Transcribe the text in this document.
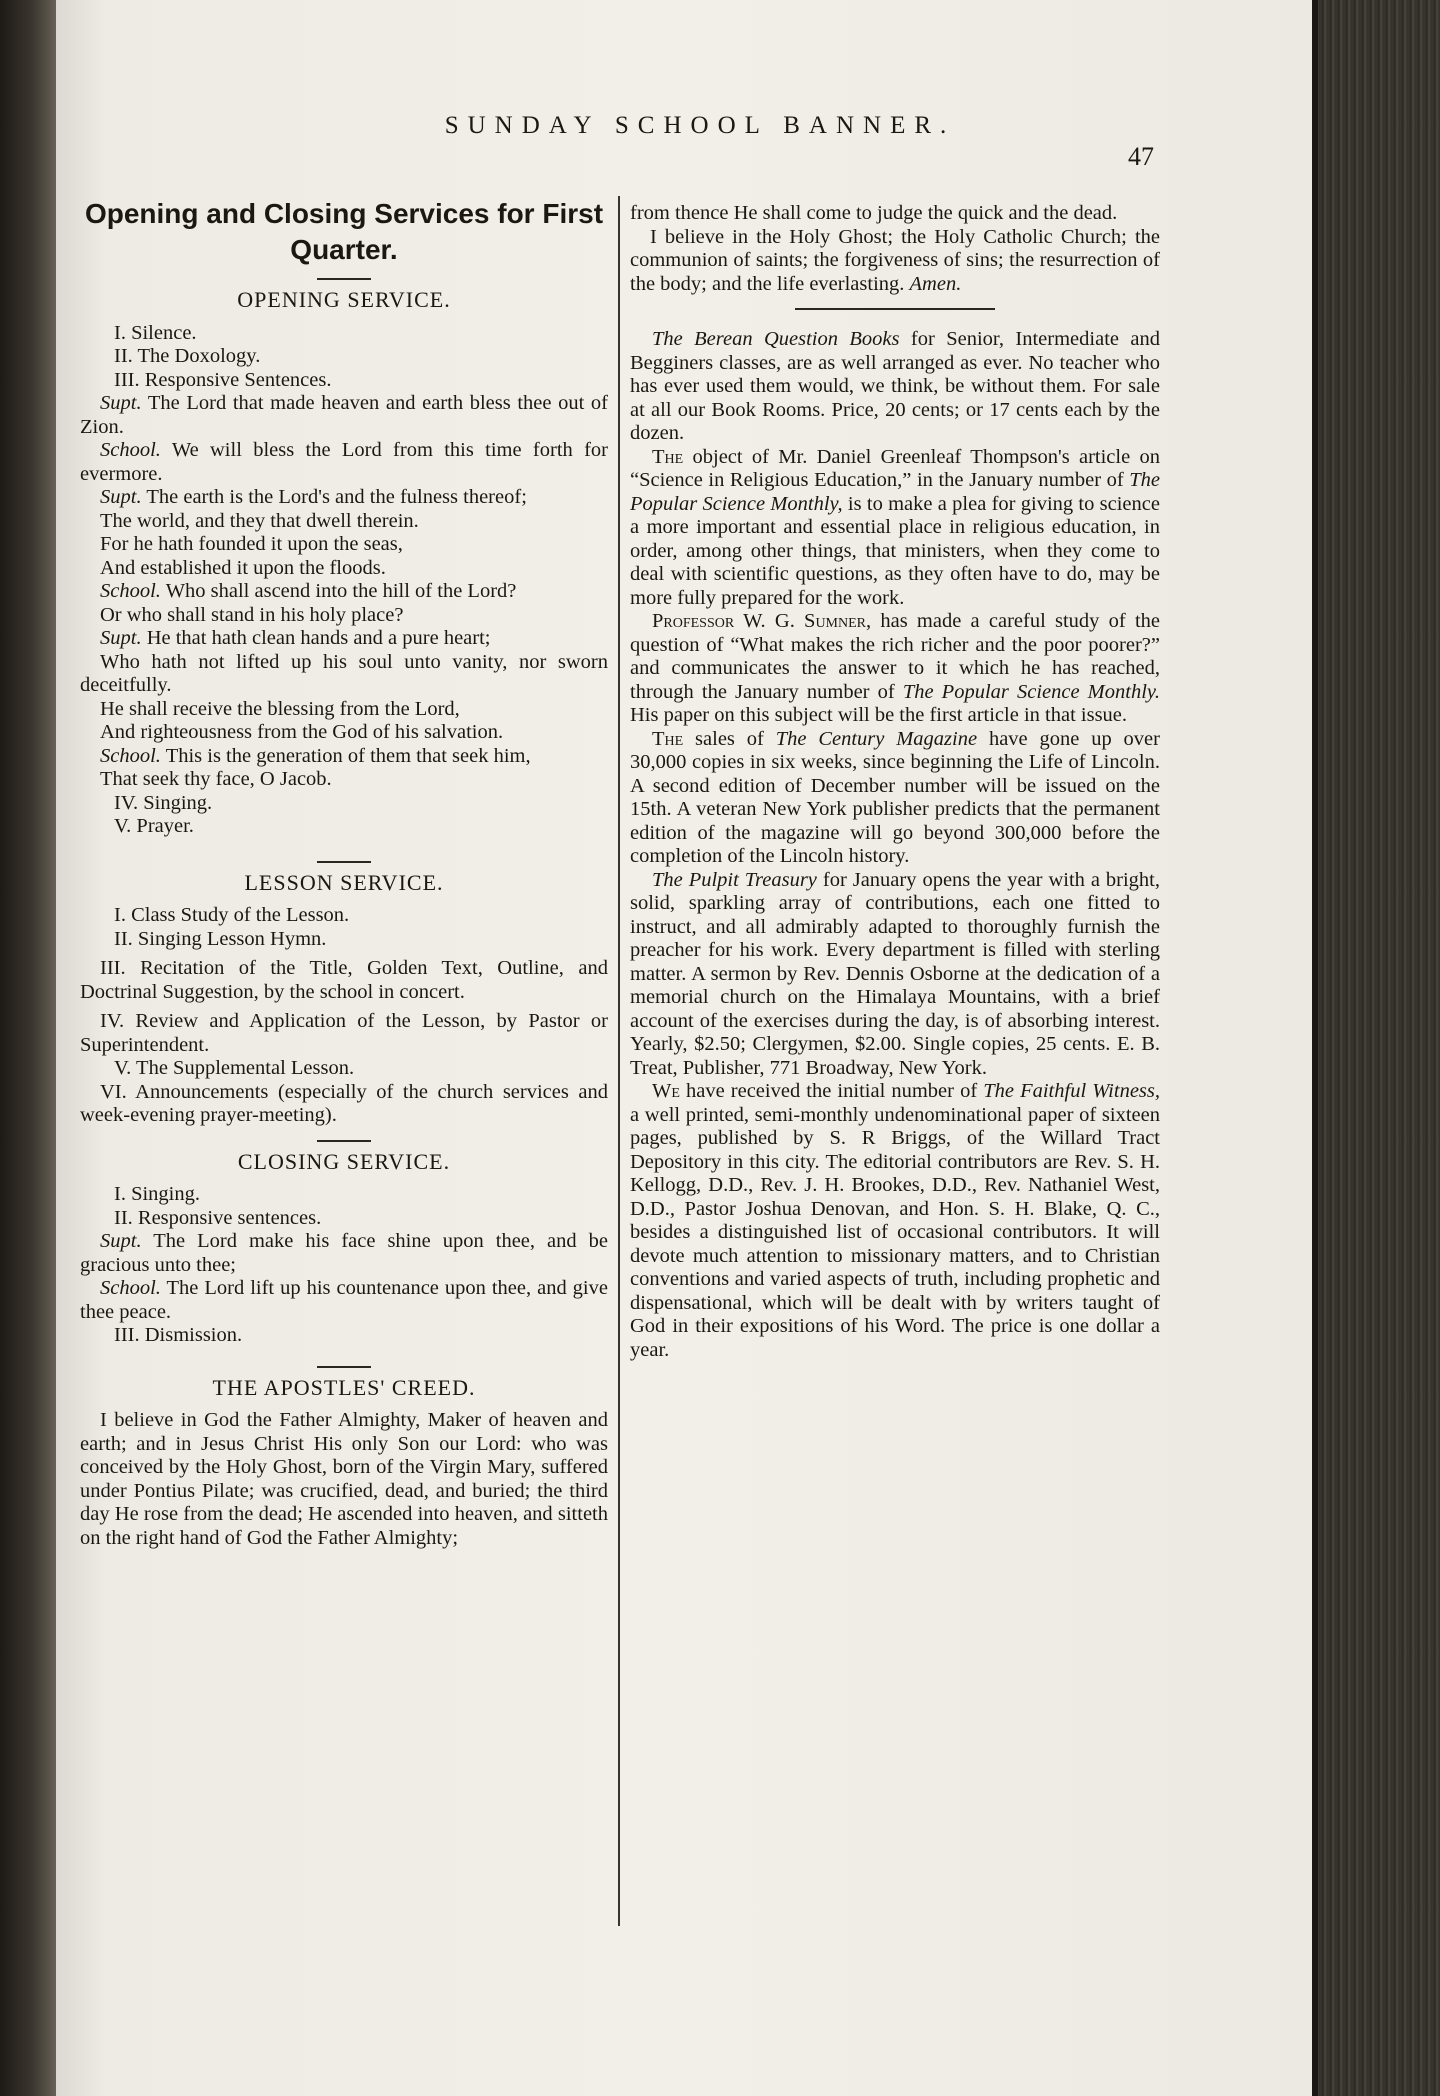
SUNDAY SCHOOL BANNER.
47
Opening and Closing Services for First Quarter.
OPENING SERVICE.

I. Silence.

II. The Doxology.

III. Responsive Sentences.

Supt. The Lord that made heaven and earth bless thee out of Zion.

School. We will bless the Lord from this time forth for evermore.

Supt. The earth is the Lord's and the fulness thereof;

The world, and they that dwell therein.

For he hath founded it upon the seas,

And established it upon the floods.

School. Who shall ascend into the hill of the Lord?

Or who shall stand in his holy place?

Supt. He that hath clean hands and a pure heart;

Who hath not lifted up his soul unto vanity, nor sworn deceitfully.

He shall receive the blessing from the Lord,

And righteousness from the God of his salvation.

School. This is the generation of them that seek him,

That seek thy face, O Jacob.

IV. Singing.

V. Prayer.

LESSON SERVICE.

I. Class Study of the Lesson.

II. Singing Lesson Hymn.

III. Recitation of the Title, Golden Text, Outline, and Doctrinal Suggestion, by the school in concert.

IV. Review and Application of the Lesson, by Pastor or Superintendent.

V. The Supplemental Lesson.

VI. Announcements (especially of the church services and week-evening prayer-meeting).

CLOSING SERVICE.

I. Singing.

II. Responsive sentences.

Supt. The Lord make his face shine upon thee, and be gracious unto thee;

School. The Lord lift up his countenance upon thee, and give thee peace.

III. Dismission.

THE APOSTLES' CREED.

I believe in God the Father Almighty, Maker of heaven and earth; and in Jesus Christ His only Son our Lord: who was conceived by the Holy Ghost, born of the Virgin Mary, suffered under Pontius Pilate; was crucified, dead, and buried; the third day He rose from the dead; He ascended into heaven, and sitteth on the right hand of God the Father Almighty;

from thence He shall come to judge the quick and the dead.

I believe in the Holy Ghost; the Holy Catholic Church; the communion of saints; the forgiveness of sins; the resurrection of the body; and the life everlasting. Amen.

The Berean Question Books for Senior, Intermediate and Begginers classes, are as well arranged as ever. No teacher who has ever used them would, we think, be without them. For sale at all our Book Rooms. Price, 20 cents; or 17 cents each by the dozen.

The object of Mr. Daniel Greenleaf Thompson's article on “Science in Religious Education,” in the January number of The Popular Science Monthly, is to make a plea for giving to science a more important and essential place in religious education, in order, among other things, that ministers, when they come to deal with scientific questions, as they often have to do, may be more fully prepared for the work.

Professor W. G. Sumner, has made a careful study of the question of “What makes the rich richer and the poor poorer?” and communicates the answer to it which he has reached, through the January number of The Popular Science Monthly. His paper on this subject will be the first article in that issue.

The sales of The Century Magazine have gone up over 30,000 copies in six weeks, since beginning the Life of Lincoln. A second edition of December number will be issued on the 15th. A veteran New York publisher predicts that the permanent edition of the magazine will go beyond 300,000 before the completion of the Lincoln history.

The Pulpit Treasury for January opens the year with a bright, solid, sparkling array of contributions, each one fitted to instruct, and all admirably adapted to thoroughly furnish the preacher for his work. Every department is filled with sterling matter. A sermon by Rev. Dennis Osborne at the dedication of a memorial church on the Himalaya Mountains, with a brief account of the exercises during the day, is of absorbing interest. Yearly, $2.50; Clergymen, $2.00. Single copies, 25 cents. E. B. Treat, Publisher, 771 Broadway, New York.

We have received the initial number of The Faithful Witness, a well printed, semi-monthly undenominational paper of sixteen pages, published by S. R Briggs, of the Willard Tract Depository in this city. The editorial contributors are Rev. S. H. Kellogg, D.D., Rev. J. H. Brookes, D.D., Rev. Nathaniel West, D.D., Pastor Joshua Denovan, and Hon. S. H. Blake, Q. C., besides a distinguished list of occasional contributors. It will devote much attention to missionary matters, and to Christian conventions and varied aspects of truth, including prophetic and dispensational, which will be dealt with by writers taught of God in their expositions of his Word. The price is one dollar a year.
